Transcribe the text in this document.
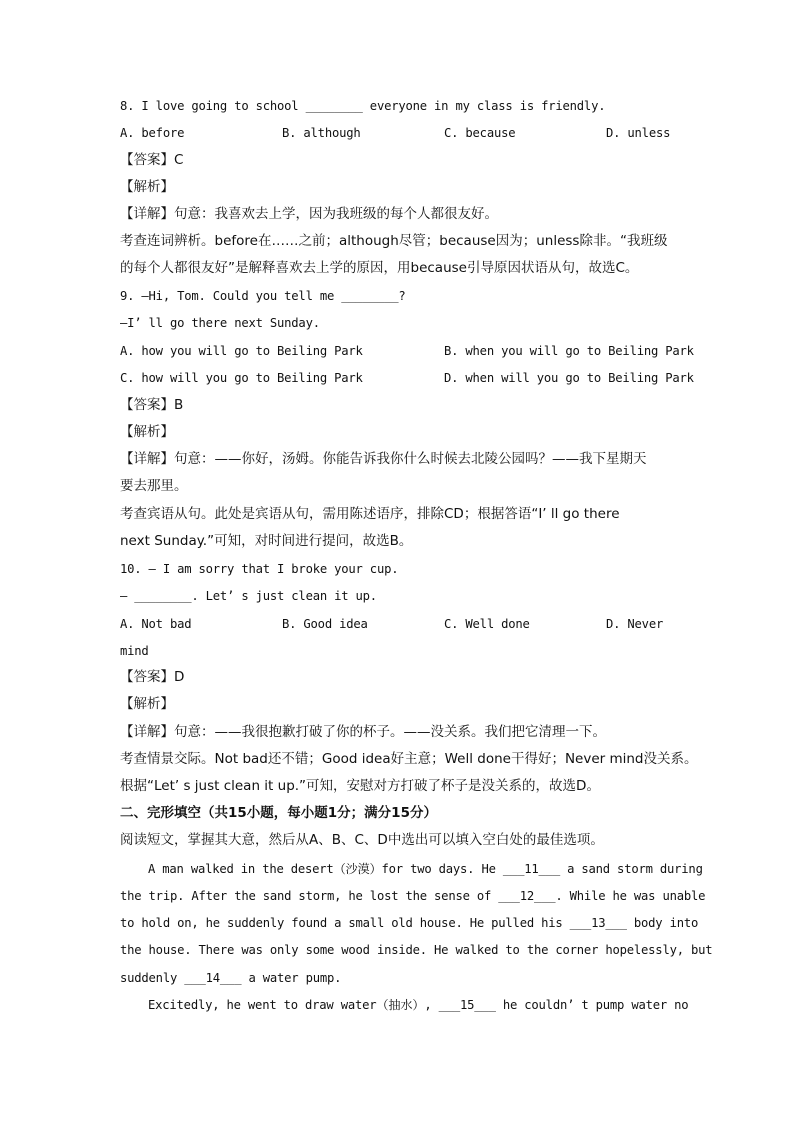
8. I love going to school ________ everyone in my class is friendly.
A. before	B. although	C. because	D. unless
【答案】C
【解析】
【详解】句意：我喜欢去上学，因为我班级的每个人都很友好。
考查连词辨析。before在……之前；although尽管；because因为；unless除非。“我班级
的每个人都很友好”是解释喜欢去上学的原因，用because引导原因状语从句，故选C。
9. —Hi, Tom. Could you tell me ________?
—I’ ll go there next Sunday.
A. how you will go to Beiling Park	B. when you will go to Beiling Park
C. how will you go to Beiling Park	D. when will you go to Beiling Park
【答案】B
【解析】
【详解】句意：——你好，汤姆。你能告诉我你什么时候去北陵公园吗？——我下星期天
要去那里。
考查宾语从句。此处是宾语从句，需用陈述语序，排除CD；根据答语“I’ ll go there
next Sunday.”可知，对时间进行提问，故选B。
10. — I am sorry that I broke your cup.
— ________. Let’ s just clean it up.
A. Not bad	B. Good idea	C. Well done	D. Never
mind
【答案】D
【解析】
【详解】句意：——我很抱歉打破了你的杯子。——没关系。我们把它清理一下。
考查情景交际。Not bad还不错；Good idea好主意；Well done干得好；Never mind没关系。
根据“Let’ s just clean it up.”可知，安慰对方打破了杯子是没关系的，故选D。
二、完形填空（共15小题，每小题1分；满分15分）
阅读短文，掌握其大意，然后从A、B、C、D中选出可以填入空白处的最佳选项。
A man walked in the desert（沙漠）for two days. He ___11___ a sand storm during
the trip. After the sand storm, he lost the sense of ___12___. While he was unable
to hold on, he suddenly found a small old house. He pulled his ___13___ body into
the house. There was only some wood inside. He walked to the corner hopelessly, but
suddenly ___14___ a water pump.
Excitedly, he went to draw water（抽水）, ___15___ he couldn’ t pump water no
